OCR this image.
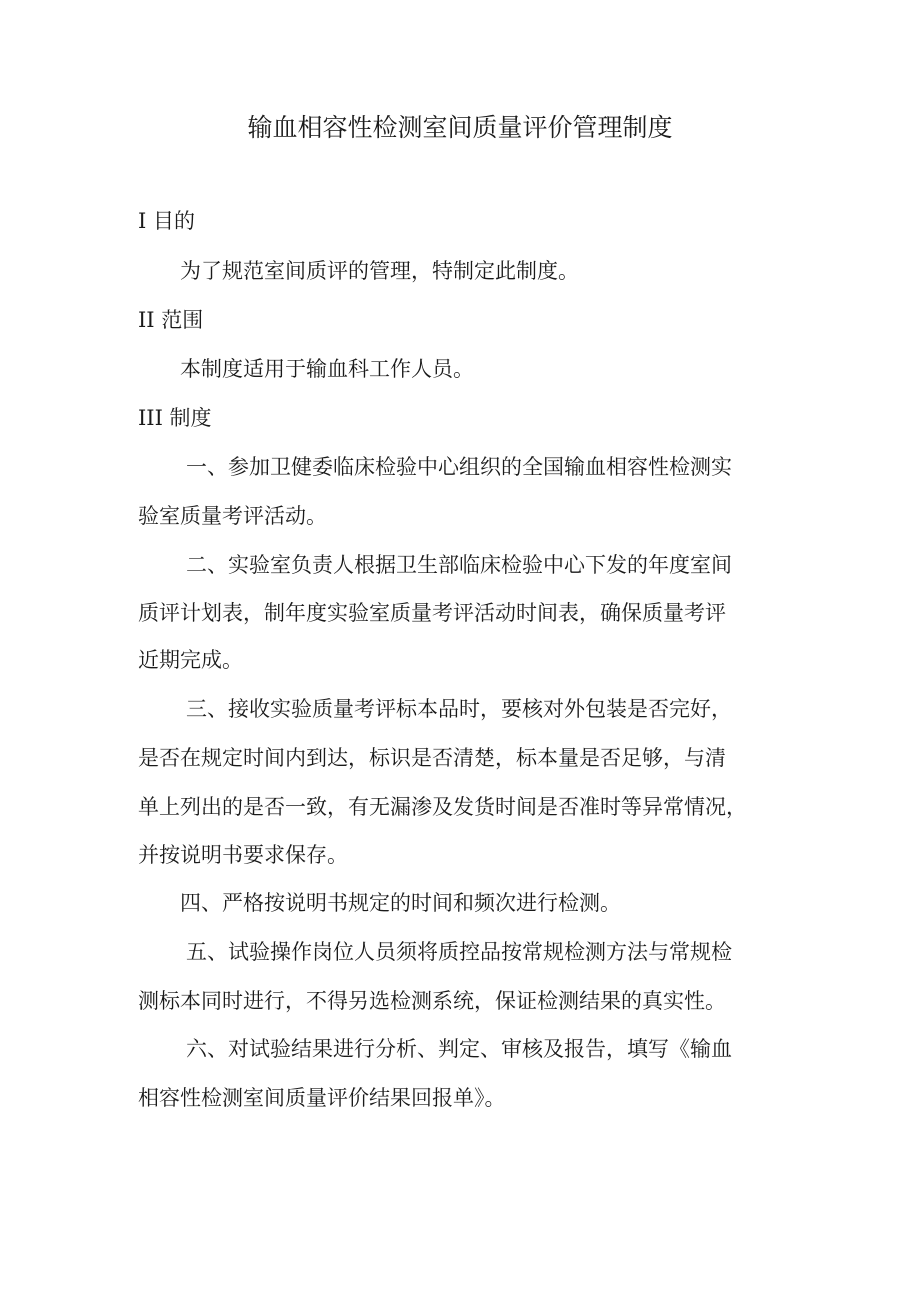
输血相容性检测室间质量评价管理制度
I 目的
为了规范室间质评的管理，特制定此制度。
II 范围
本制度适用于输血科工作人员。
III 制度
一、参加卫健委临床检验中心组织的全国输血相容性检测实
验室质量考评活动。
二、实验室负责人根据卫生部临床检验中心下发的年度室间
质评计划表，制年度实验室质量考评活动时间表，确保质量考评
近期完成。
三、接收实验质量考评标本品时，要核对外包装是否完好，
是否在规定时间内到达，标识是否清楚，标本量是否足够，与清
单上列出的是否一致，有无漏渗及发货时间是否准时等异常情况，
并按说明书要求保存。
四、严格按说明书规定的时间和频次进行检测。
五、试验操作岗位人员须将质控品按常规检测方法与常规检
测标本同时进行，不得另选检测系统，保证检测结果的真实性。
六、对试验结果进行分析、判定、审核及报告，填写《输血
相容性检测室间质量评价结果回报单》。
